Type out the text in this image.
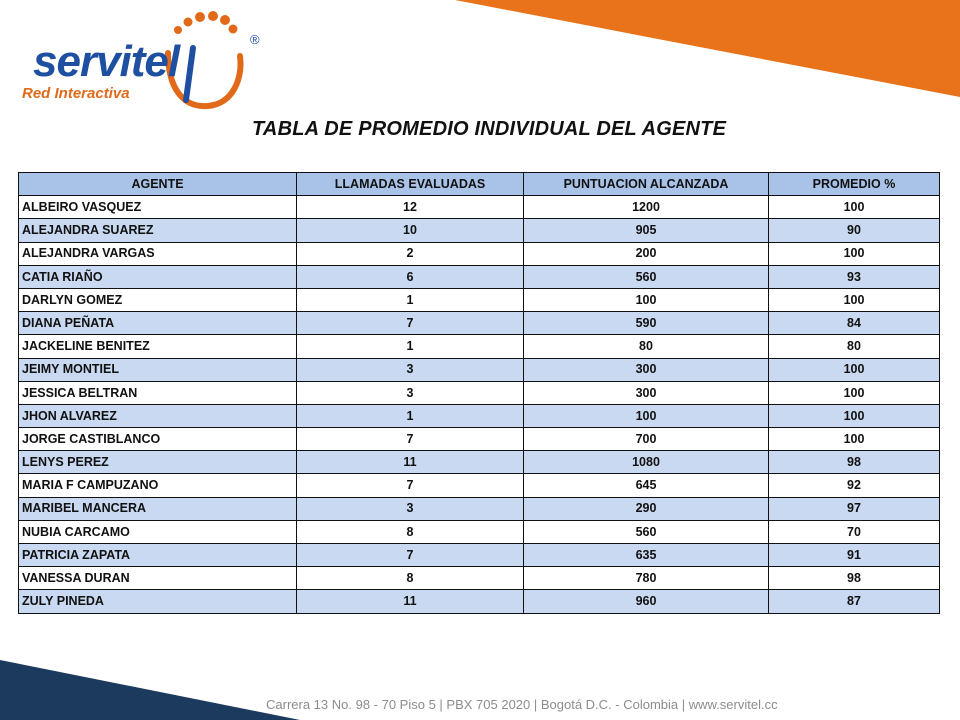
servitel	®
Red Interactiva
TABLA DE PROMEDIO INDIVIDUAL DEL AGENTE
AGENTE	LLAMADAS EVALUADAS	PUNTUACION ALCANZADA	PROMEDIO %
ALBEIRO VASQUEZ	12	1200	100
ALEJANDRA SUAREZ	10	905	90
ALEJANDRA VARGAS	2	200	100
CATIA RIAÑO	6	560	93
DARLYN GOMEZ	1	100	100
DIANA PEÑATA	7	590	84
JACKELINE BENITEZ	1	80	80
JEIMY MONTIEL	3	300	100
JESSICA BELTRAN	3	300	100
JHON ALVAREZ	1	100	100
JORGE CASTIBLANCO	7	700	100
LENYS PEREZ	11	1080	98
MARIA F CAMPUZANO	7	645	92
MARIBEL MANCERA	3	290	97
NUBIA CARCAMO	8	560	70
PATRICIA ZAPATA	7	635	91
VANESSA DURAN	8	780	98
ZULY PINEDA	11	960	87
Carrera 13 No. 98 - 70 Piso 5 | PBX 705 2020 | Bogotá D.C. - Colombia | www.servitel.cc
